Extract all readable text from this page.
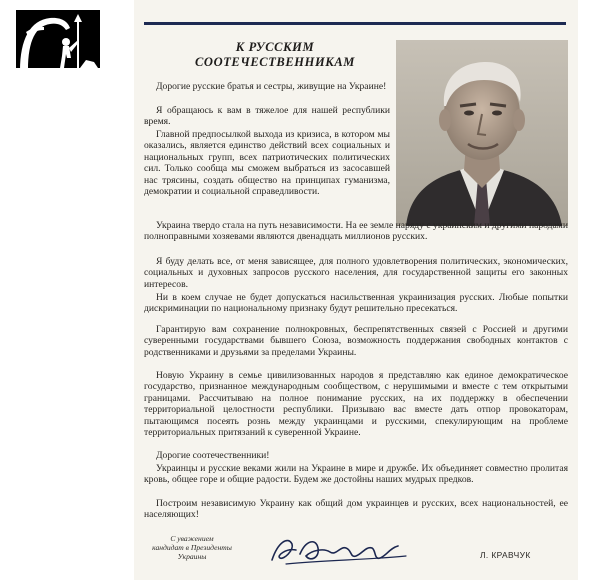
К РУССКИМ
СООТЕЧЕСТВЕННИКАМ

Дорогие русские братья и сестры, живущие на Украине!

Я обращаюсь к вам в тяжелое для нашей республики время.

Главной предпосылкой выхода из кризиса, в котором мы оказались, является единство действий всех социальных и национальных групп, всех патриотических политических сил. Только сообща мы сможем выбраться из засосавшей нас трясины, создать общество на принципах гуманизма, демократии и социальной справедливости.

Украина твердо стала на путь независимости. На ее земле наряду с украинским и другими народами полноправными хозяевами являются двенадцать миллионов русских.

Я буду делать все, от меня зависящее, для полного удовлетворения политических, экономических, социальных и духовных запросов русского населения, для государственной защиты его законных интересов.

Ни в коем случае не будет допускаться насильственная украинизация русских. Любые попытки дискриминации по национальному признаку будут решительно пресекаться.

Гарантирую вам сохранение полнокровных, беспрепятственных связей с Россией и другими суверенными государствами бывшего Союза, возможность поддержания свободных контактов с родственниками и друзьями за пределами Украины.

Новую Украину в семье цивилизованных народов я представляю как единое демократическое государство, признанное международным сообществом, с нерушимыми и вместе с тем открытыми границами. Рассчитываю на полное понимание русских, на их поддержку в обеспечении территориальной целостности республики. Призываю вас вместе дать отпор провокаторам, пытающимся посеять рознь между украинцами и русскими, спекулирующим на проблеме территориальных притязаний к суверенной Украине.

Дорогие соотечественники!

Украинцы и русские веками жили на Украине в мире и дружбе. Их объединяет совместно пролитая кровь, общее горе и общие радости. Будем же достойны наших мудрых предков.

Построим независимую Украину как общий дом украинцев и русских, всех национальностей, ее населяющих!

С уважением
кандидат в Президенты
Украины	Л. КРАВЧУК
